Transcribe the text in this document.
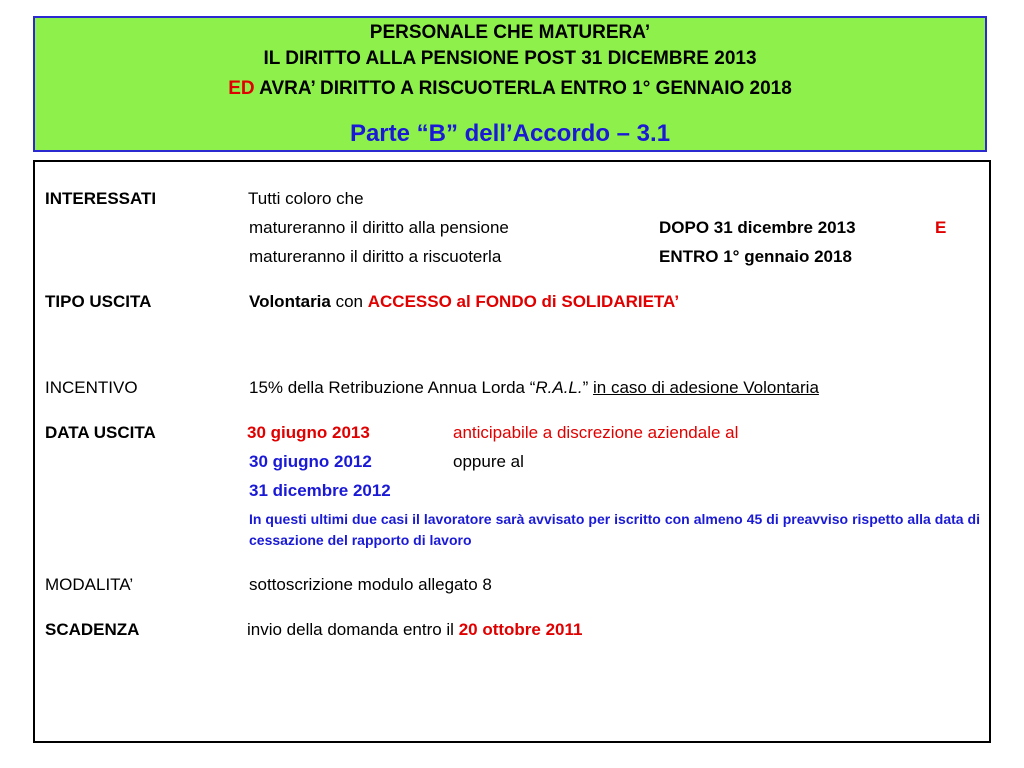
PERSONALE CHE MATURERA’
IL DIRITTO ALLA PENSIONE POST 31 DICEMBRE 2013
ED AVRA’ DIRITTO A RISCUOTERLA ENTRO 1° GENNAIO 2018
Parte “B” dell’Accordo – 3.1
INTERESSATI	Tutti coloro che
matureranno il diritto alla pensione	DOPO 31 dicembre 2013	E
matureranno il diritto a riscuoterla	ENTRO 1° gennaio 2018
TIPO USCITA	Volontaria con ACCESSO al FONDO di SOLIDARIETA’
INCENTIVO	15% della Retribuzione Annua Lorda “R.A.L.” in caso di adesione Volontaria
DATA USCITA	30 giugno 2013	anticipabile a discrezione aziendale al
30 giugno 2012	oppure al
31 dicembre 2012
In questi ultimi due casi il lavoratore sarà avvisato per iscritto con almeno 45 di preavviso rispetto alla data di cessazione del rapporto di lavoro
MODALITA’	sottoscrizione modulo allegato 8
SCADENZA	invio della domanda entro il 20 ottobre 2011
